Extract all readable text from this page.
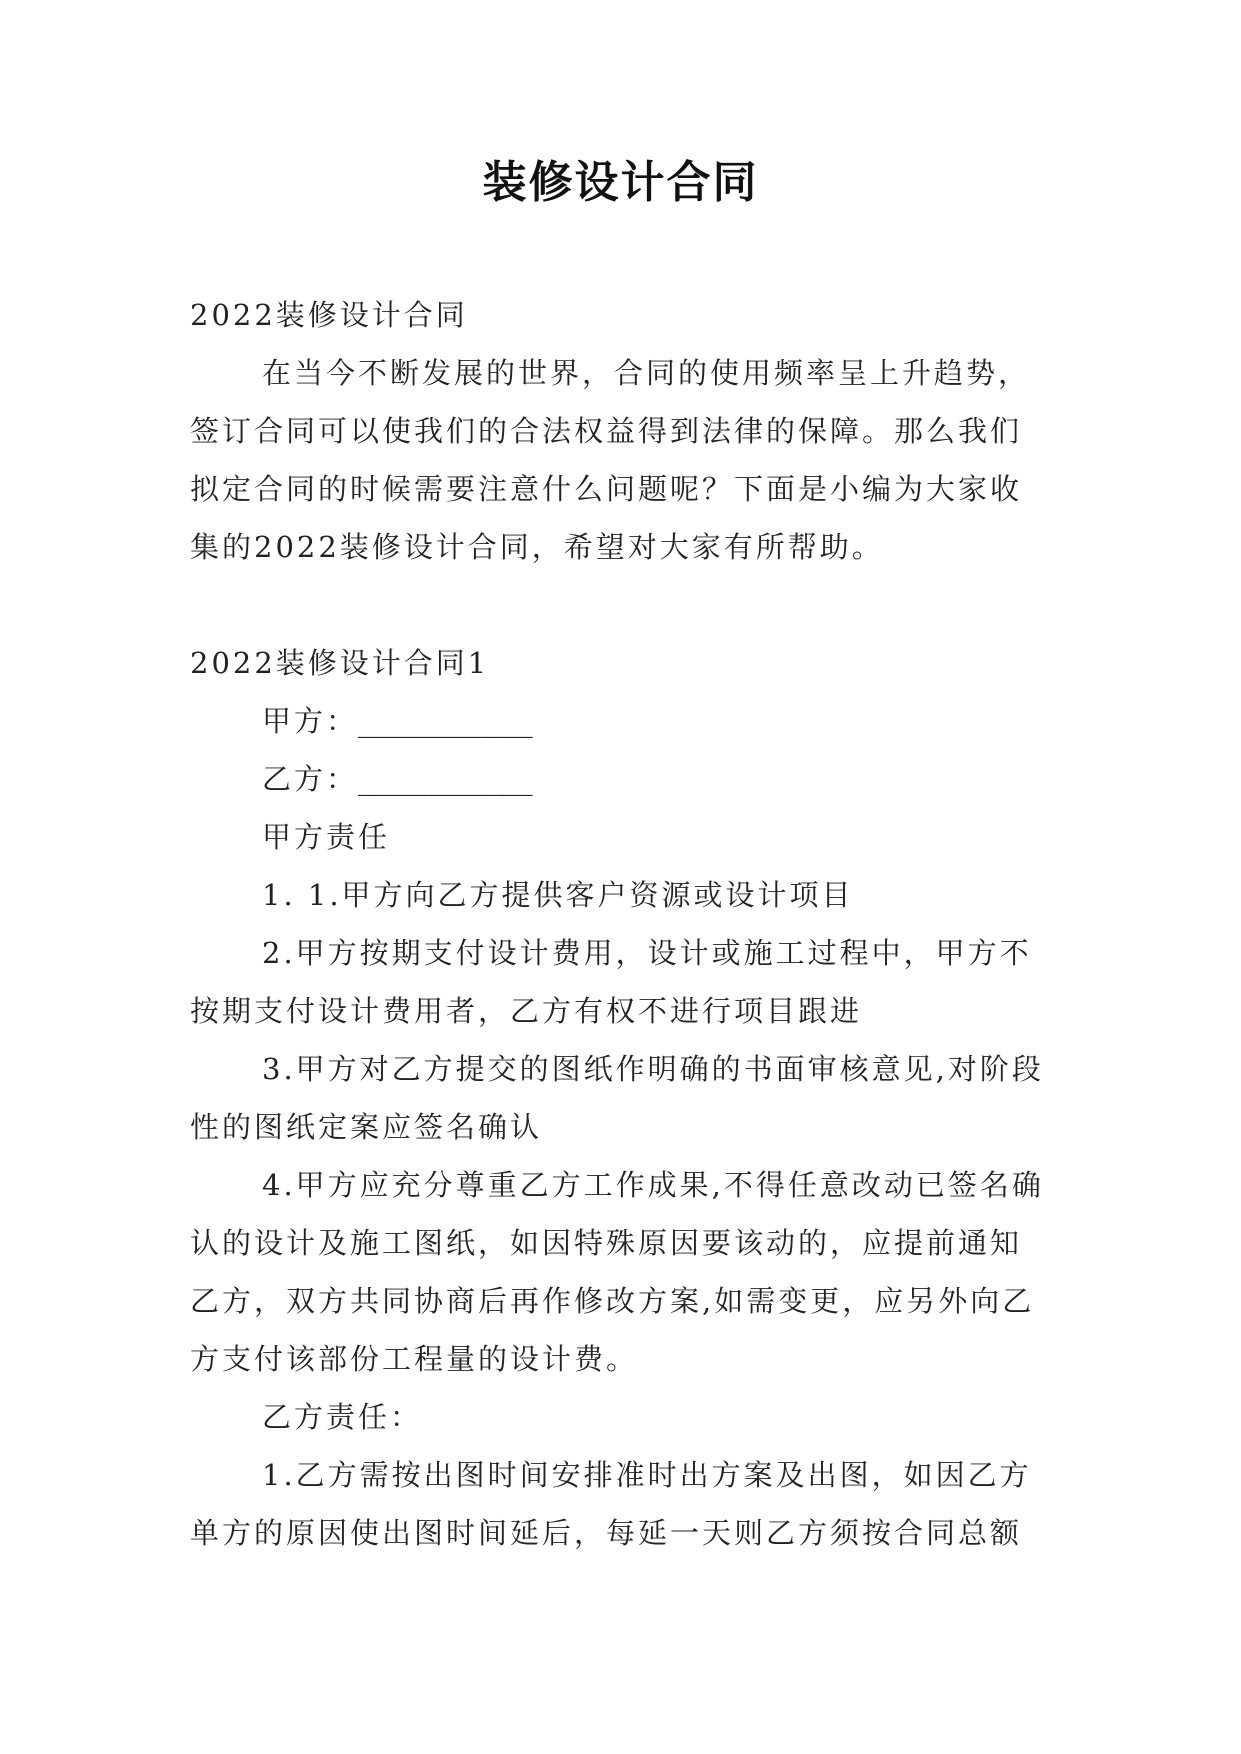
装修设计合同

2022装修设计合同

在当今不断发展的世界，合同的使用频率呈上升趋势，签订合同可以使我们的合法权益得到法律的保障。那么我们拟定合同的时候需要注意什么问题呢？下面是小编为大家收集的2022装修设计合同，希望对大家有所帮助。

2022装修设计合同1

甲方：__________

乙方：__________

甲方责任

1. 1.甲方向乙方提供客户资源或设计项目

2.甲方按期支付设计费用，设计或施工过程中，甲方不按期支付设计费用者，乙方有权不进行项目跟进

3.甲方对乙方提交的图纸作明确的书面审核意见,对阶段性的图纸定案应签名确认

4.甲方应充分尊重乙方工作成果,不得任意改动已签名确认的设计及施工图纸，如因特殊原因要该动的，应提前通知乙方，双方共同协商后再作修改方案,如需变更，应另外向乙方支付该部份工程量的设计费。

乙方责任：

1.乙方需按出图时间安排准时出方案及出图，如因乙方单方的原因使出图时间延后，每延一天则乙方须按合同总额
